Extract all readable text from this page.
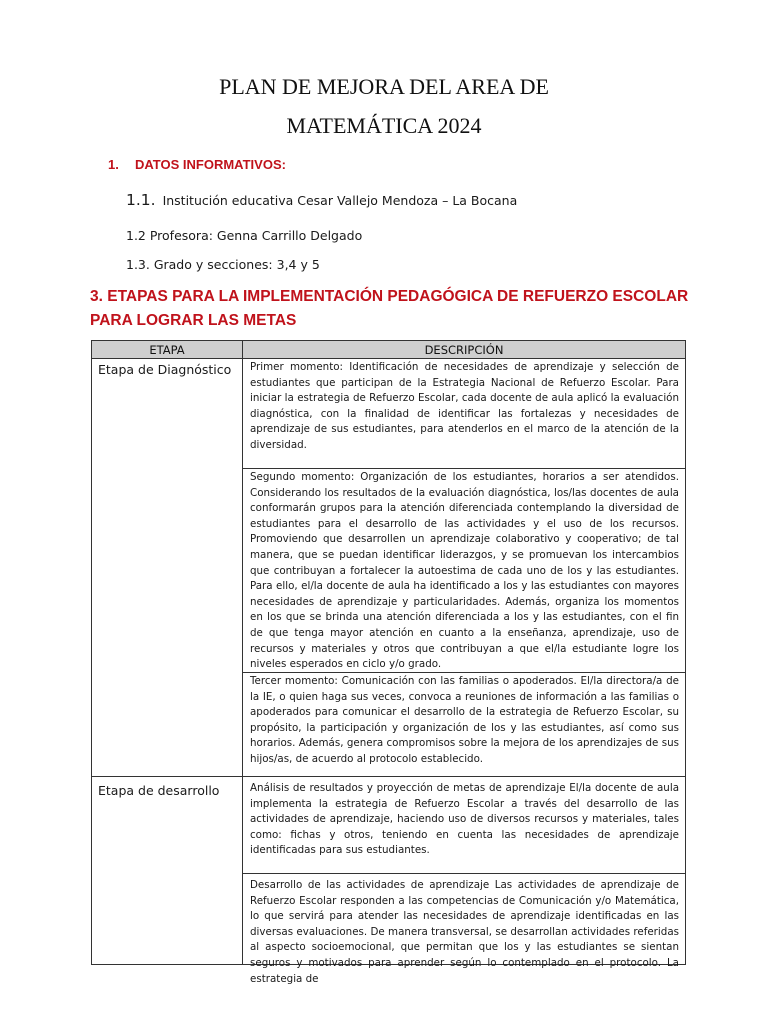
PLAN DE MEJORA DEL AREA DE
MATEMÁTICA 2024
1. DATOS INFORMATIVOS:
1.1. Institución educativa Cesar Vallejo Mendoza – La Bocana
1.2 Profesora: Genna Carrillo Delgado
1.3. Grado y secciones: 3,4 y 5
3. ETAPAS PARA LA IMPLEMENTACIÓN PEDAGÓGICA DE REFUERZO ESCOLAR PARA LOGRAR LAS METAS
ETAPA	DESCRIPCIÓN

Etapa de Diagnóstico	Primer momento: Identificación de necesidades de aprendizaje y selección de estudiantes que participan de la Estrategia Nacional de Refuerzo Escolar. Para iniciar la estrategia de Refuerzo Escolar, cada docente de aula aplicó la evaluación diagnóstica, con la finalidad de identificar las fortalezas y necesidades de aprendizaje de sus estudiantes, para atenderlos en el marco de la atención de la diversidad.
Segundo momento: Organización de los estudiantes, horarios a ser atendidos. Considerando los resultados de la evaluación diagnóstica, los/las docentes de aula conformarán grupos para la atención diferenciada contemplando la diversidad de estudiantes para el desarrollo de las actividades y el uso de los recursos. Promoviendo que desarrollen un aprendizaje colaborativo y cooperativo; de tal manera, que se puedan identificar liderazgos, y se promuevan los intercambios que contribuyan a fortalecer la autoestima de cada uno de los y las estudiantes. Para ello, el/la docente de aula ha identificado a los y las estudiantes con mayores necesidades de aprendizaje y particularidades. Además, organiza los momentos en los que se brinda una atención diferenciada a los y las estudiantes, con el fin de que tenga mayor atención en cuanto a la enseñanza, aprendizaje, uso de recursos y materiales y otros que contribuyan a que el/la estudiante logre los niveles esperados en ciclo y/o grado.
Tercer momento: Comunicación con las familias o apoderados. El/la directora/a de la IE, o quien haga sus veces, convoca a reuniones de información a las familias o apoderados para comunicar el desarrollo de la estrategia de Refuerzo Escolar, su propósito, la participación y organización de los y las estudiantes, así como sus horarios. Además, genera compromisos sobre la mejora de los aprendizajes de sus hijos/as, de acuerdo al protocolo establecido.

Etapa de desarrollo	Análisis de resultados y proyección de metas de aprendizaje El/la docente de aula implementa la estrategia de Refuerzo Escolar a través del desarrollo de las actividades de aprendizaje, haciendo uso de diversos recursos y materiales, tales como: fichas y otros, teniendo en cuenta las necesidades de aprendizaje identificadas para sus estudiantes.
Desarrollo de las actividades de aprendizaje Las actividades de aprendizaje de Refuerzo Escolar responden a las competencias de Comunicación y/o Matemática, lo que servirá para atender las necesidades de aprendizaje identificadas en las diversas evaluaciones. De manera transversal, se desarrollan actividades referidas al aspecto socioemocional, que permitan que los y las estudiantes se sientan seguros y motivados para aprender según lo contemplado en el protocolo. La estrategia de
